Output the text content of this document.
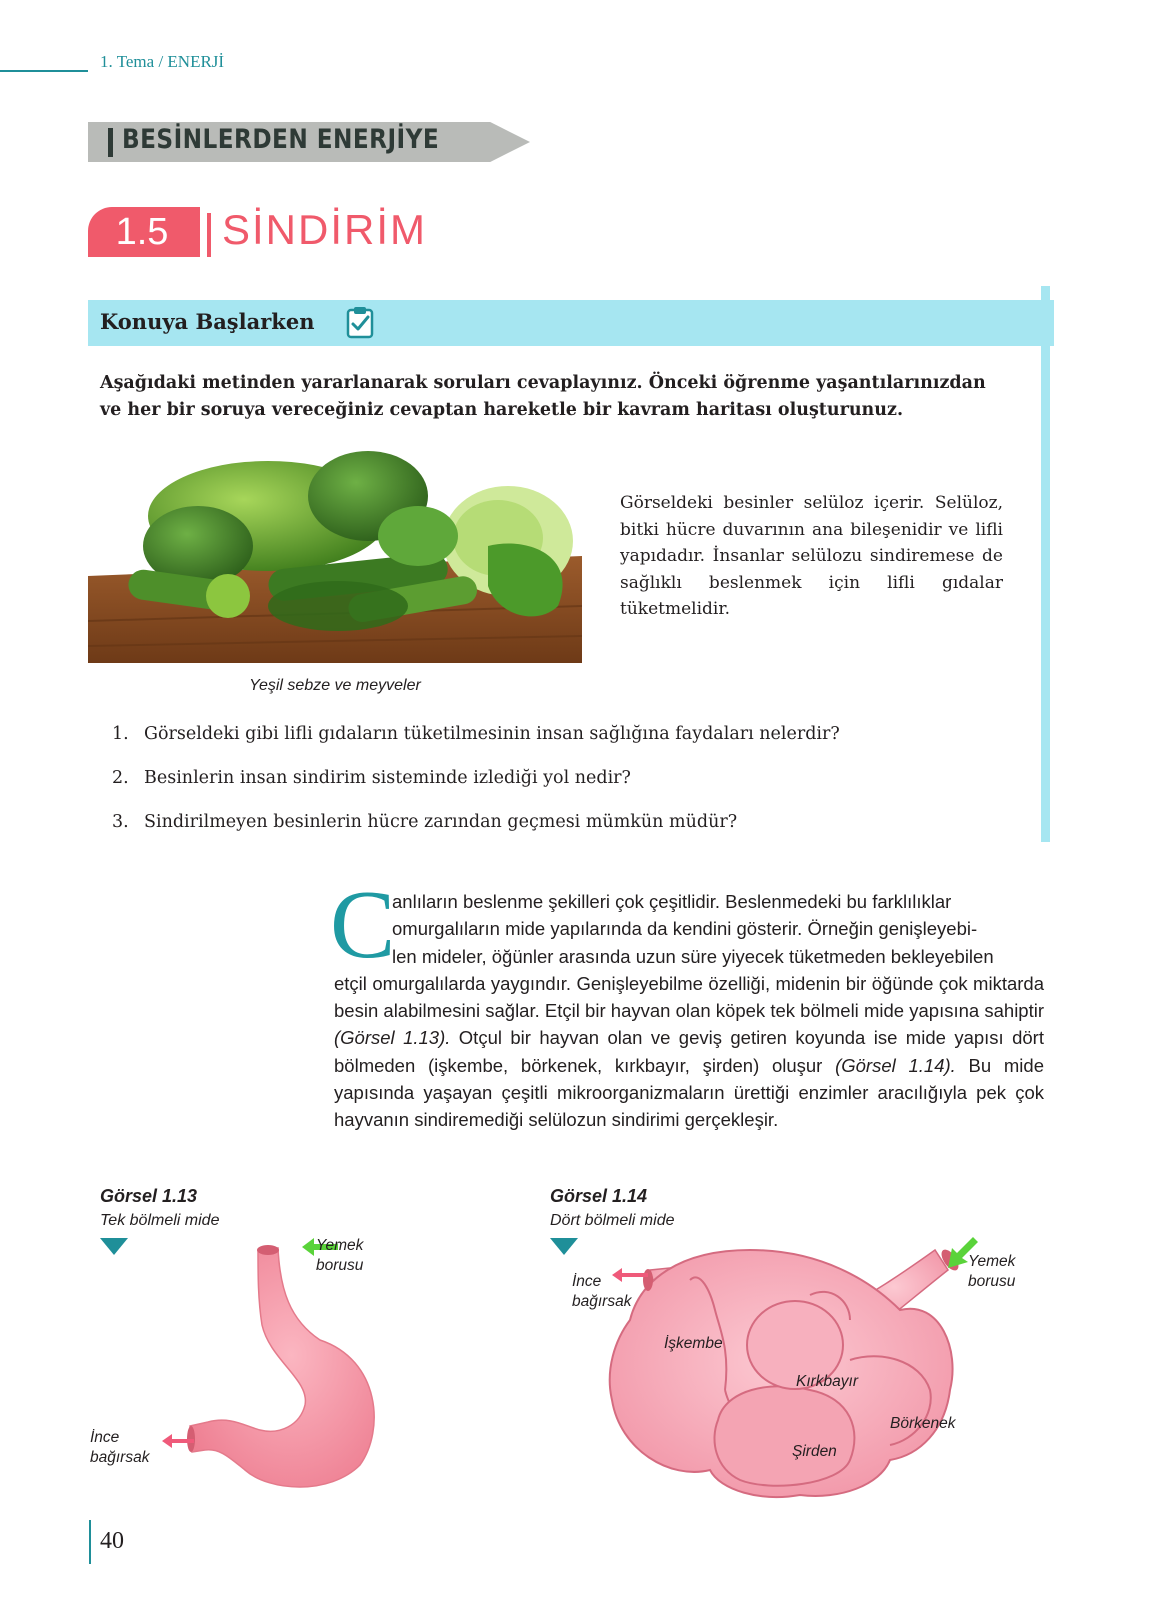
1. Tema / ENERJİ
BESİNLERDEN ENERJİYE
1.5	SİNDİRİM
Konuya Başlarken
Aşağıdaki metinden yararlanarak soruları cevaplayınız. Önceki öğrenme yaşantılarınızdan ve her bir soruya vereceğiniz cevaptan hareketle bir kavram haritası oluşturunuz.
Yeşil sebze ve meyveler
Görseldeki besinler selüloz içerir. Selüloz, bitki hücre duvarının ana bileşenidir ve lifli yapıdadır. İnsanlar selülozu sindiremese de sağlıklı beslenmek için lifli gıdalar tüketmelidir.
1. Görseldeki gibi lifli gıdaların tüketilmesinin insan sağlığına faydaları nelerdir?
2. Besinlerin insan sindirim sisteminde izlediği yol nedir?
3. Sindirilmeyen besinlerin hücre zarından geçmesi mümkün müdür?
C
anlıların beslenme şekilleri çok çeşitlidir. Beslenmedeki bu farklılıklar
omurgalıların mide yapılarında da kendini gösterir. Örneğin genişleyebi-
len mideler, öğünler arasında uzun süre yiyecek tüketmeden bekleyebilen
etçil omurgalılarda yaygındır. Genişleyebilme özelliği, midenin bir öğünde çok miktarda besin alabilmesini sağlar. Etçil bir hayvan olan köpek tek bölmeli mide yapısına sahiptir (Görsel 1.13). Otçul bir hayvan olan ve geviş getiren koyunda ise mide yapısı dört bölmeden (işkembe, börkenek, kırkbayır, şirden) oluşur (Görsel 1.14). Bu mide yapısında yaşayan çeşitli mikroorganizmaların ürettiği enzimler aracılığıyla pek çok hayvanın sindiremediği selülozun sindirimi gerçekleşir.
Görsel 1.13
Tek bölmeli mide
Yemek
borusu
İnce
bağırsak
Görsel 1.14
Dört bölmeli mide
Yemek
borusu
İnce
bağırsak
İşkembe
Kırkbayır
Börkenek
Şirden
40
